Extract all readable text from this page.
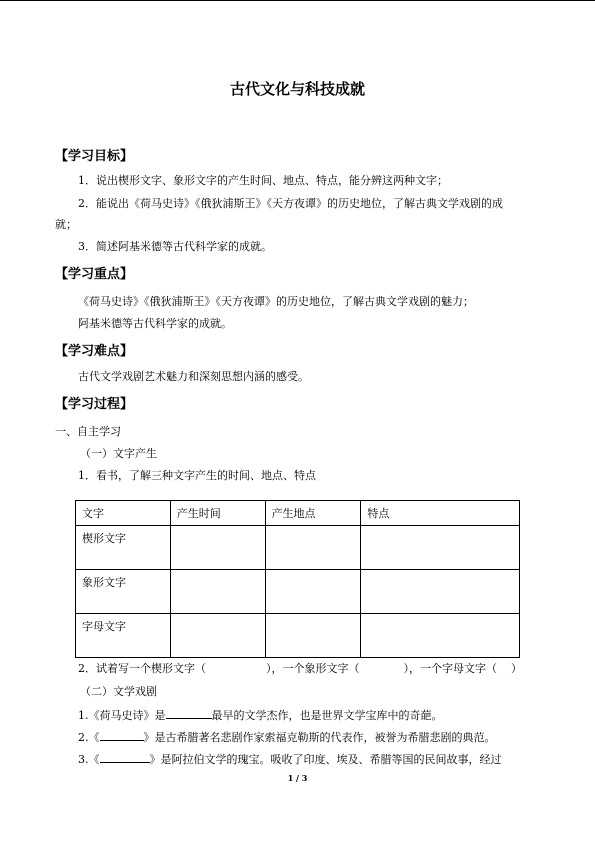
古代文化与科技成就
【学习目标】
1．说出楔形文字、象形文字的产生时间、地点、特点，能分辨这两种文字；
2．能说出《荷马史诗》《俄狄浦斯王》《天方夜谭》的历史地位，了解古典文学戏剧的成
就；
3．简述阿基米德等古代科学家的成就。
【学习重点】
《荷马史诗》《俄狄浦斯王》《天方夜谭》的历史地位，了解古典文学戏剧的魅力；
阿基米德等古代科学家的成就。
【学习难点】
古代文学戏剧艺术魅力和深刻思想内涵的感受。
【学习过程】
一、自主学习
（一）文字产生
1．看书，了解三种文字产生的时间、地点、特点
文字	产生时间	产生地点	特点
楔形文字			
象形文字			
字母文字			
2．试着写一个楔形文字（	），一个象形文字（	），一个字母文字（ ）
（二）文学戏剧
1.《荷马史诗》是	最早的文学杰作，也是世界文学宝库中的奇葩。
2.《	》是古希腊著名悲剧作家索福克勒斯的代表作，被誉为希腊悲剧的典范。
3.《	》是阿拉伯文学的瑰宝。吸收了印度、埃及、希腊等国的民间故事，经过
1 / 3
